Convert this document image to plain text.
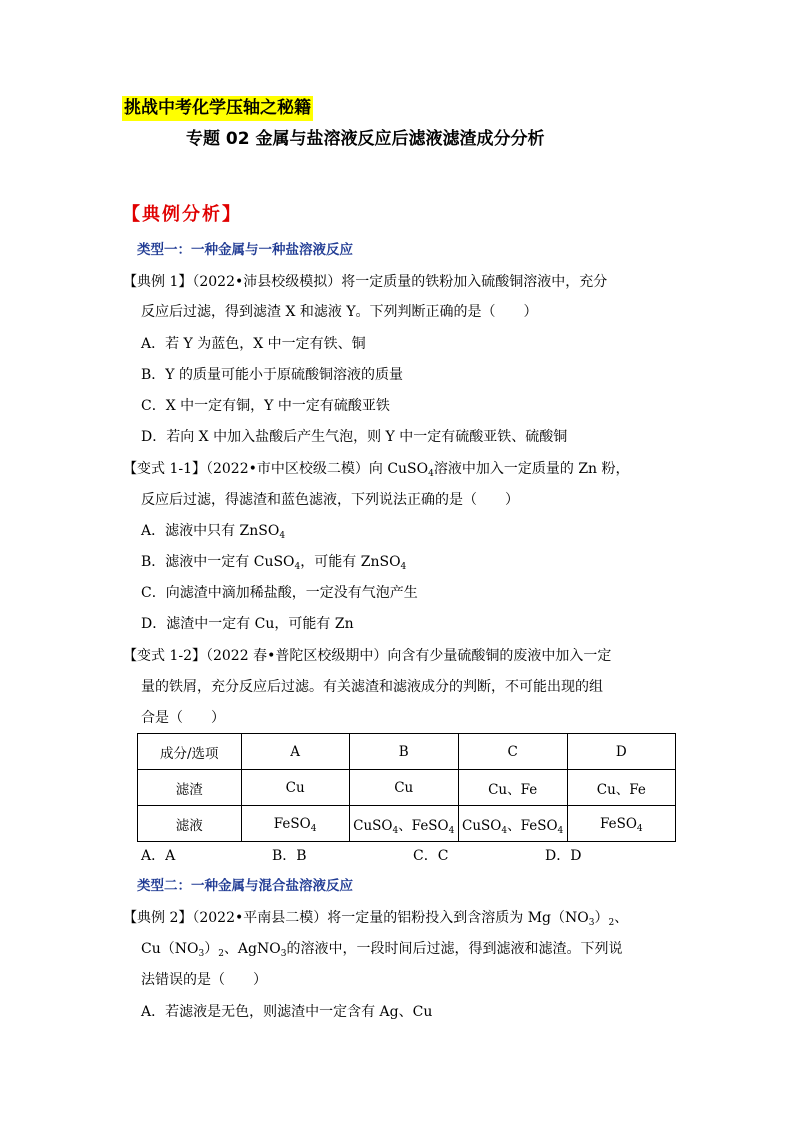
挑战中考化学压轴之秘籍
专题 02 金属与盐溶液反应后滤液滤渣成分分析
【典例分析】
类型一：一种金属与一种盐溶液反应
【典例 1】（2022•沛县校级模拟）将一定质量的铁粉加入硫酸铜溶液中，充分
反应后过滤，得到滤渣 X 和滤液 Y。下列判断正确的是（　　）
A．若 Y 为蓝色，X 中一定有铁、铜
B．Y 的质量可能小于原硫酸铜溶液的质量
C．X 中一定有铜，Y 中一定有硫酸亚铁
D．若向 X 中加入盐酸后产生气泡，则 Y 中一定有硫酸亚铁、硫酸铜
【变式 1-1】（2022•市中区校级二模）向 CuSO$_4$溶液中加入一定质量的 Zn 粉，
反应后过滤，得滤渣和蓝色滤液，下列说法正确的是（　　）
A．滤液中只有 ZnSO$_4$
B．滤液中一定有 CuSO$_4$，可能有 ZnSO$_4$
C．向滤渣中滴加稀盐酸，一定没有气泡产生
D．滤渣中一定有 Cu，可能有 Zn
【变式 1-2】（2022 春•普陀区校级期中）向含有少量硫酸铜的废液中加入一定
量的铁屑，充分反应后过滤。有关滤渣和滤液成分的判断，不可能出现的组
合是（　　）
成分/选项	A	B	C	D
滤渣	Cu	Cu	Cu、Fe	Cu、Fe
滤液	FeSO$_4$	CuSO$_4$、FeSO$_4$	CuSO$_4$、FeSO$_4$	FeSO$_4$
A．A	B．B	C．C	D．D
类型二：一种金属与混合盐溶液反应
【典例 2】（2022•平南县二模）将一定量的铝粉投入到含溶质为 $Mg(NO_3)_2$、
$Cu(NO_3)_2$、AgNO$_3$的溶液中，一段时间后过滤，得到滤液和滤渣。下列说
法错误的是（　　）
A．若滤液是无色，则滤渣中一定含有 Ag、Cu
